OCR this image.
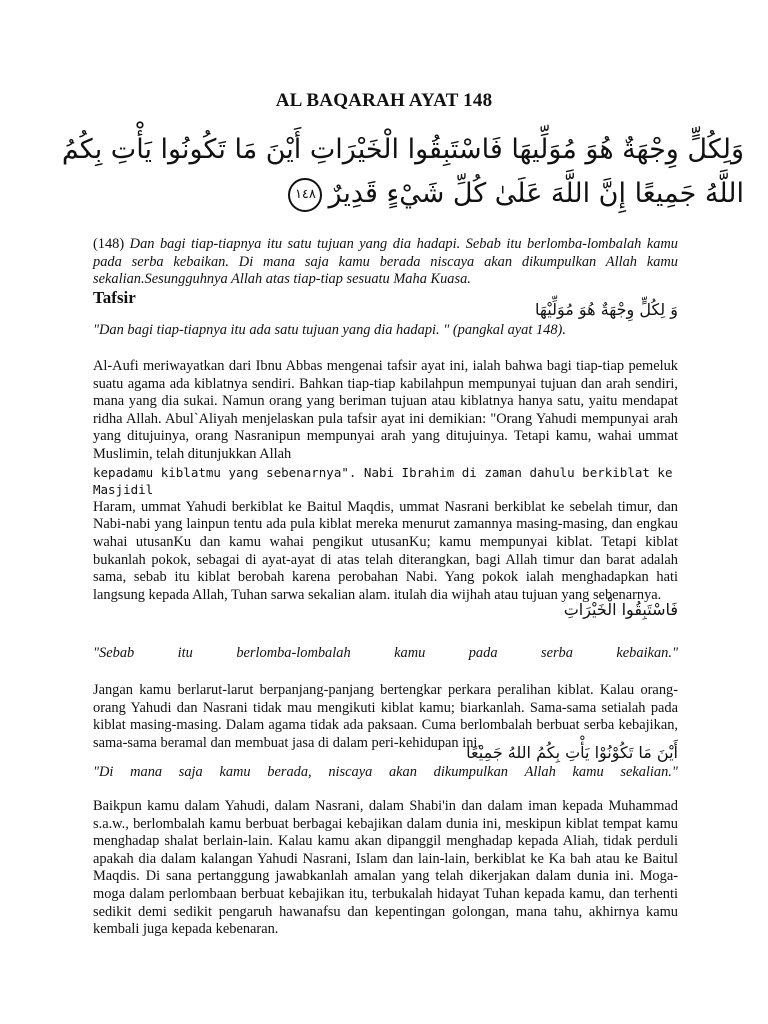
AL BAQARAH AYAT 148
وَلِكُلٍّ وِجْهَةٌ هُوَ مُوَلِّيهَا فَاسْتَبِقُوا الْخَيْرَاتِ أَيْنَ مَا تَكُونُوا يَأْتِ بِكُمُ
اللَّهُ جَمِيعًا إِنَّ اللَّهَ عَلَىٰ كُلِّ شَيْءٍ قَدِيرٌ١٤٨
(148) Dan bagi tiap-tiapnya itu satu tujuan yang dia hadapi. Sebab itu berlomba-lombalah kamu pada serba kebaikan. Di mana saja kamu berada niscaya akan dikumpulkan Allah kamu sekalian.Sesungguhnya Allah atas tiap-tiap sesuatu Maha Kuasa.
Tafsir
وَ لِكُلٍّ وِجْهَةٌ هُوَ مُوَلِّيْهَا
"Dan bagi tiap-tiapnya itu ada satu tujuan yang dia hadapi. " (pangkal ayat 148).
Al-Aufi meriwayatkan dari Ibnu Abbas mengenai tafsir ayat ini, ialah bahwa bagi tiap-tiap pemeluk suatu agama ada kiblatnya sendiri. Bahkan tiap-tiap kabilahpun mempunyai tujuan dan arah sendiri, mana yang dia sukai. Namun orang yang beriman tujuan atau kiblatnya hanya satu, yaitu mendapat ridha Allah. Abul`Aliyah menjelaskan pula tafsir ayat ini demikian: "Orang Yahudi mempunyai arah yang ditujuinya, orang Nasranipun mempunyai arah yang ditujuinya. Tetapi kamu, wahai ummat Muslimin, telah ditunjukkan Allah
kepadamu kiblatmu yang sebenarnya". Nabi Ibrahim di zaman dahulu berkiblat ke Masjidil
Haram, ummat Yahudi berkiblat ke Baitul Maqdis, ummat Nasrani berkiblat ke sebelah timur, dan Nabi-nabi yang lainpun tentu ada pula kiblat mereka menurut zamannya masing-masing, dan engkau wahai utusanKu dan kamu wahai pengikut utusanKu; kamu mempunyai kiblat. Tetapi kiblat bukanlah pokok, sebagai di ayat-ayat di atas telah diterangkan, bagi Allah timur dan barat adalah sama, sebab itu kiblat berobah karena perobahan Nabi. Yang pokok ialah menghadapkan hati langsung kepada Allah, Tuhan sarwa sekalian alam. itulah dia wijhah atau tujuan yang sebenarnya.
فَاسْتَبِقُوا الْخَيْرَاتِ
"Sebab	itu	berlomba-lombalah	kamu	pada	serba	kebaikan."
Jangan kamu berlarut-larut berpanjang-panjang bertengkar perkara peralihan kiblat. Kalau orang-orang Yahudi dan Nasrani tidak mau mengikuti kiblat kamu; biarkanlah. Sama-sama setialah pada kiblat masing-masing. Dalam agama tidak ada paksaan. Cuma berlombalah berbuat serba kebajikan, sama-sama beramal dan membuat jasa di dalam peri-kehidupan ini.
أَيْنَ مَا تَكُوْنُوْا يَأْتِ بِكُمُ اللهُ جَمِيْعًا
"Di mana saja kamu berada, niscaya akan dikumpulkan Allah kamu sekalian."
Baikpun kamu dalam Yahudi, dalam Nasrani, dalam Shabi'in dan dalam iman kepada Muhammad s.a.w., berlombalah kamu berbuat berbagai kebajikan dalam dunia ini, meskipun kiblat tempat kamu menghadap shalat berlain-lain. Kalau kamu akan dipanggil menghadap kepada Aliah, tidak perduli apakah dia dalam kalangan Yahudi Nasrani, Islam dan lain-lain, berkiblat ke Ka bah atau ke Baitul Maqdis. Di sana pertanggung jawabkanlah amalan yang telah dikerjakan dalam dunia ini. Moga-moga dalam perlombaan berbuat kebajikan itu, terbukalah hidayat Tuhan kepada kamu, dan terhenti sedikit demi sedikit pengaruh hawanafsu dan kepentingan golongan, mana tahu, akhirnya kamu kembali juga kepada kebenaran.
